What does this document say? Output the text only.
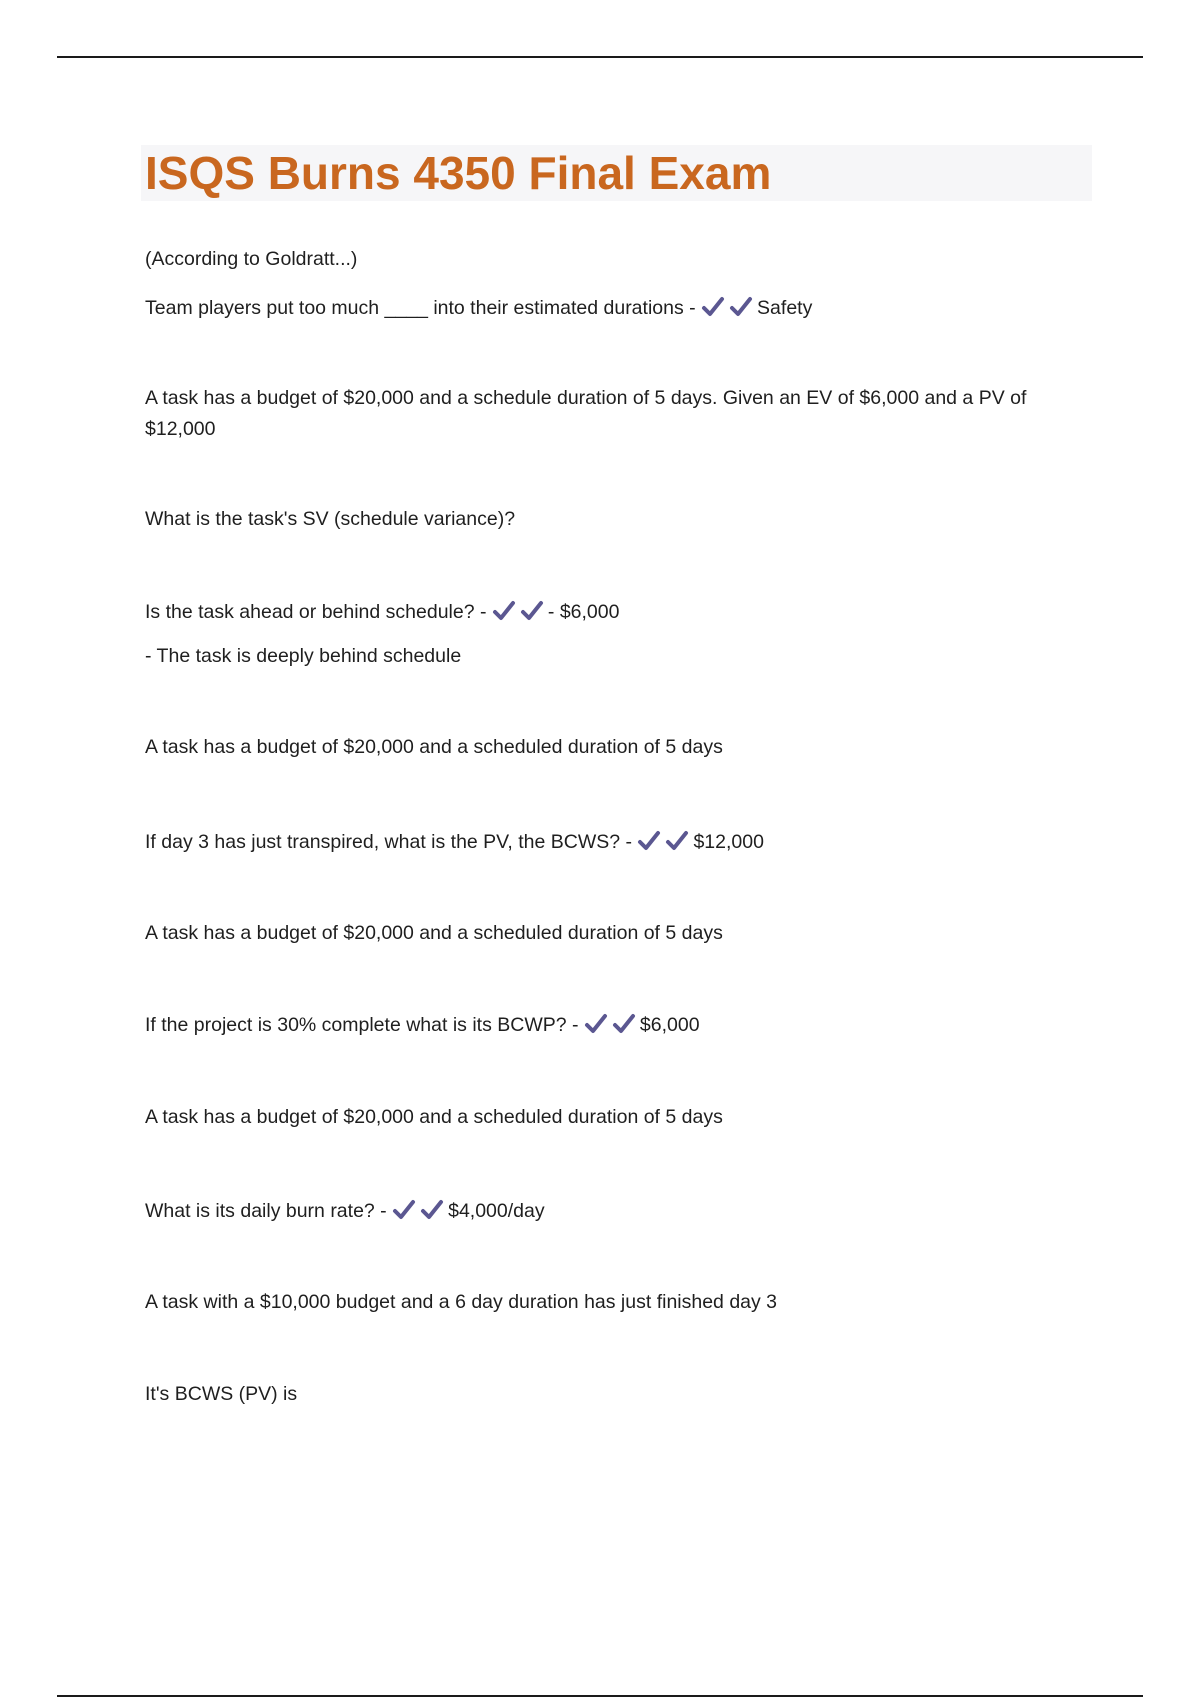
ISQS Burns 4350 Final Exam
(According to Goldratt...)
Team players put too much ____ into their estimated durations -	Safety
A task has a budget of $20,000 and a schedule duration of 5 days. Given an EV of $6,000 and a PV of $12,000
What is the task's SV (schedule variance)?
Is the task ahead or behind schedule? -	- $6,000
- The task is deeply behind schedule
A task has a budget of $20,000 and a scheduled duration of 5 days
If day 3 has just transpired, what is the PV, the BCWS? -	$12,000
A task has a budget of $20,000 and a scheduled duration of 5 days
If the project is 30% complete what is its BCWP? -	$6,000
A task has a budget of $20,000 and a scheduled duration of 5 days
What is its daily burn rate? -	$4,000/day
A task with a $10,000 budget and a 6 day duration has just finished day 3
It's BCWS (PV) is
